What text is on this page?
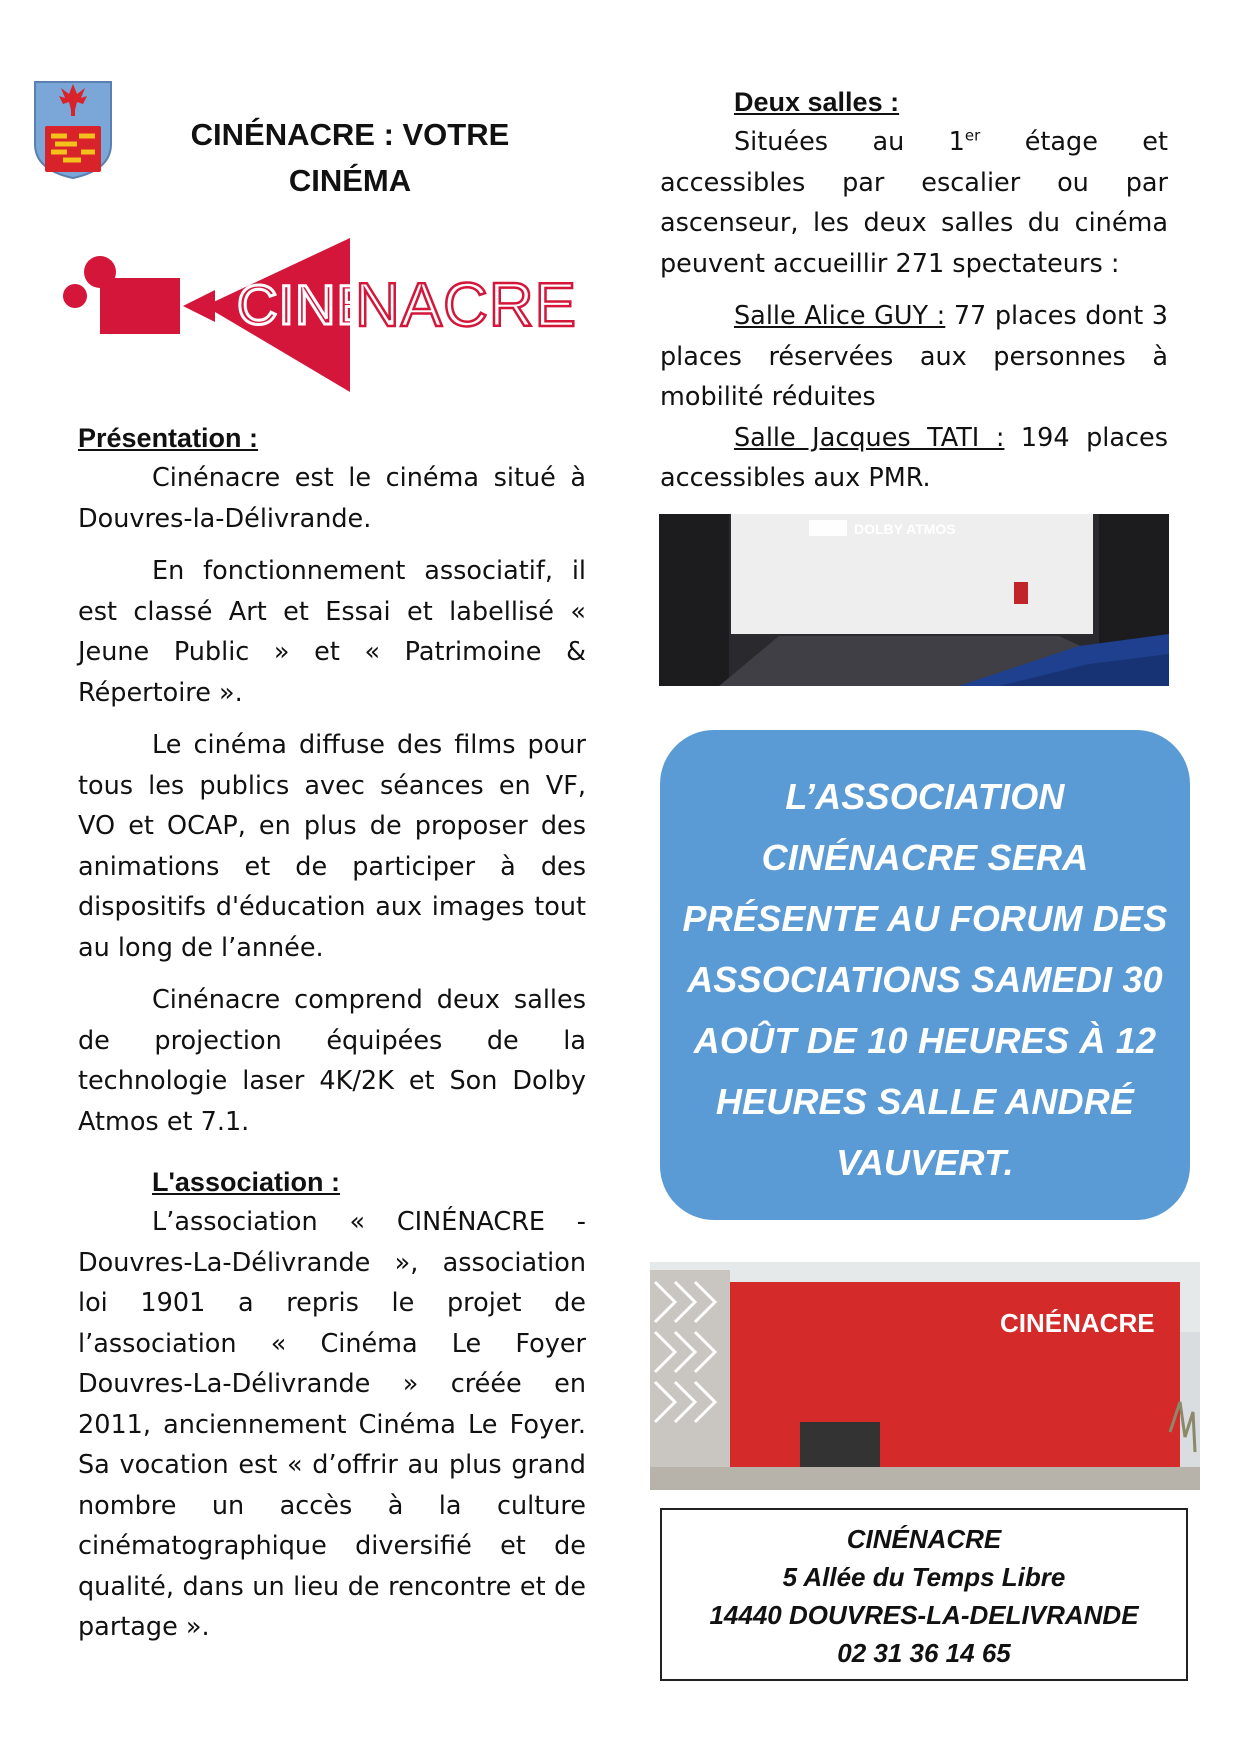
CINÉNACRE : VOTRE CINÉMA
CINÉ
NACRE
Présentation :

Cinénacre est le cinéma situé à Douvres-la-Délivrande.

En fonctionnement associatif, il est classé Art et Essai et labellisé « Jeune Public » et « Patrimoine & Répertoire ».

Le cinéma diffuse des films pour tous les publics avec séances en VF, VO et OCAP, en plus de proposer des animations et de participer à des dispositifs d'éducation aux images tout au long de l’année.

Cinénacre comprend deux salles de projection équipées de la technologie laser 4K/2K et Son Dolby Atmos et 7.1.

L'association :

L’association « CINÉNACRE - Douvres-La-Délivrande », association loi 1901 a repris le projet de l’association « Cinéma Le Foyer Douvres-La-Délivrande » créée en 2011, anciennement Cinéma Le Foyer. Sa vocation est « d’offrir au plus grand nombre un accès à la culture cinématographique diversifié et de qualité, dans un lieu de rencontre et de partage ».

Deux salles :

Situées au 1er étage et accessibles par escalier ou par ascenseur, les deux salles du cinéma peuvent accueillir 271 spectateurs :

Salle Alice GUY : 77 places dont 3 places réservées aux personnes à mobilité réduites

Salle Jacques TATI : 194 places accessibles aux PMR.

DOLBY ATMOS
L’ASSOCIATION CINÉNACRE SERA PRÉSENTE AU FORUM DES ASSOCIATIONS SAMEDI 30 AOÛT DE 10 HEURES À 12 HEURES SALLE ANDRÉ VAUVERT.
CINÉNACRE
CINÉNACRE
5 Allée du Temps Libre
14440 DOUVRES-LA-DELIVRANDE
02 31 36 14 65
